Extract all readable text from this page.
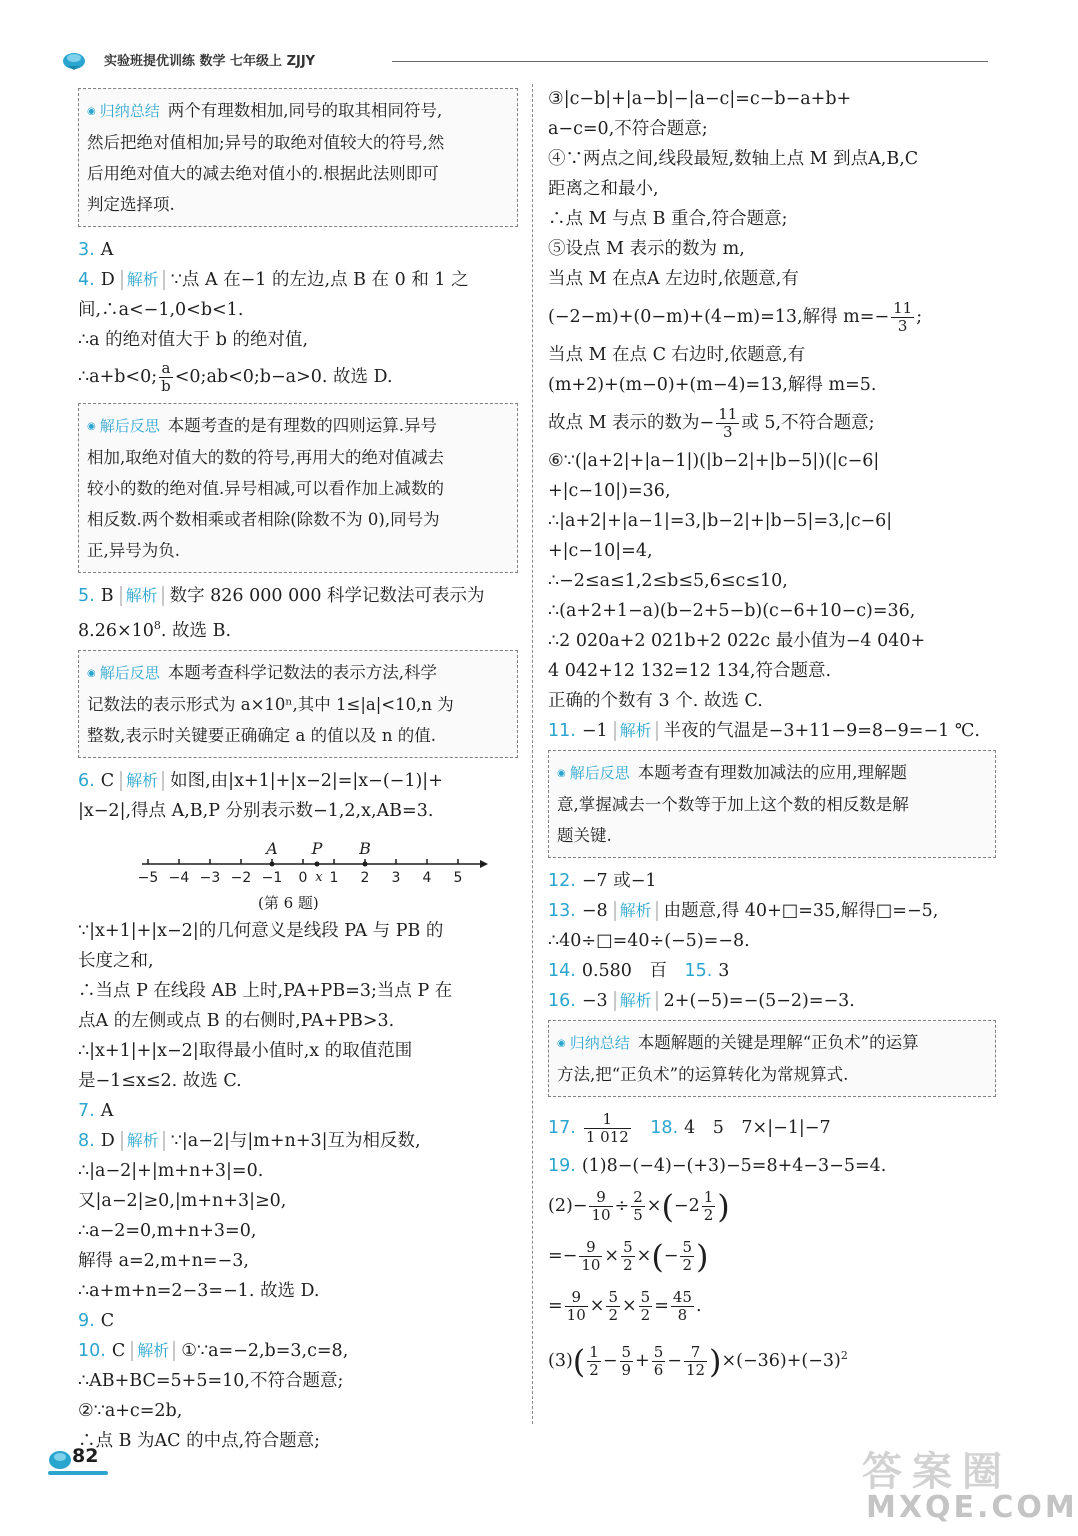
实验班提优训练 数学 七年级上 ZJJY
◉ 归纳总结 两个有理数相加,同号的取其相同符号,
然后把绝对值相加;异号的取绝对值较大的符号,然
后用绝对值大的减去绝对值小的.根据此法则即可
判定选择项.
3. A
4. D 解析 ∵点 A 在−1 的左边,点 B 在 0 和 1 之
间,∴a<−1,0<b<1.
∴a 的绝对值大于 b 的绝对值,
∴a+b<0; $\frac{a}{b}$ <0;ab<0;b−a>0. 故选 D.
◉ 解后反思 本题考查的是有理数的四则运算.异号
相加,取绝对值大的数的符号,再用大的绝对值减去
较小的数的绝对值.异号相减,可以看作加上减数的
相反数.两个数相乘或者相除(除数不为 0),同号为
正,异号为负.
5. B 解析 数字 826 000 000 科学记数法可表示为
$8.26\times 10^8$. 故选 B.
◉ 解后反思 本题考查科学记数法的表示方法,科学
记数法的表示形式为 a×10ⁿ,其中 1≤|a|<10,n 为
整数,表示时关键要正确确定 a 的值以及 n 的值.
6. C 解析 如图,由|x+1|+|x−2|=|x−(−1)|+
|x−2|,得点 A,B,P 分别表示数−1,2,x,AB=3.
−5 −4 −3 −2 −1 0 1 2 3 4 5
A P B
x
(第 6 题)
∵|x+1|+|x−2|的几何意义是线段 PA 与 PB 的
长度之和,
∴当点 P 在线段 AB 上时,PA+PB=3;当点 P 在
点A 的左侧或点 B 的右侧时,PA+PB>3.
∴|x+1|+|x−2|取得最小值时,x 的取值范围
是−1≤x≤2. 故选 C.
7. A
8. D 解析 ∵|a−2|与|m+n+3|互为相反数,
∴|a−2|+|m+n+3|=0.
又|a−2|≥0,|m+n+3|≥0,
∴a−2=0,m+n+3=0,
解得 a=2,m+n=−3,
∴a+m+n=2−3=−1. 故选 D.
9. C
10. C 解析 ①∵a=−2,b=3,c=8,
∴AB+BC=5+5=10,不符合题意;
②∵a+c=2b,
∴点 B 为AC 的中点,符合题意;
③|c−b|+|a−b|−|a−c|=c−b−a+b+
a−c=0,不符合题意;
④∵两点之间,线段最短,数轴上点 M 到点A,B,C
距离之和最小,
∴点 M 与点 B 重合,符合题意;
⑤设点 M 表示的数为 m,
当点 M 在点A 左边时,依题意,有
(−2−m)+(0−m)+(4−m)=13,解得 $m=- \frac{11}{3}$ ;
当点 M 在点 C 右边时,依题意,有
(m+2)+(m−0)+(m−4)=13,解得 m=5.
故点 M 表示的数为− $\frac{11}{3}$ 或 5,不符合题意;
⑥∵(|a+2|+|a−1|)(|b−2|+|b−5|)(|c−6|
+|c−10|)=36,
∴|a+2|+|a−1|=3,|b−2|+|b−5|=3,|c−6|
+|c−10|=4,
∴−2≤a≤1,2≤b≤5,6≤c≤10,
∴(a+2+1−a)(b−2+5−b)(c−6+10−c)=36,
∴2 020a+2 021b+2 022c 最小值为−4 040+
4 042+12 132=12 134,符合题意.
正确的个数有 3 个. 故选 C.
11. −1 解析 半夜的气温是−3+11−9=8−9=−1 ℃.
◉ 解后反思 本题考查有理数加减法的应用,理解题
意,掌握减去一个数等于加上这个数的相反数是解
题关键.
12. −7 或−1
13. −8 解析 由题意,得 40+□=35,解得□=−5,
∴40÷□=40÷(−5)=−8.
14. 0.580　百　 15. 3
16. −3 解析 2+(−5)=−(5−2)=−3.
◉ 归纳总结 本题解题的关键是理解“正负术”的运算
方法,把“正负术”的运算转化为常规算式.
17. $\frac{1}{1 012}$
　 18. 4　5　7×|−1|−7
19. (1)8−(−4)−(+3)−5=8+4−3−5=4.
$(2)- \frac{9}{10} \div \frac{2}{5} \times(-2 \frac{1}{2}$ )
=− $\frac{9}{10} \times \frac{5}{2}$ ×(− $\frac{5}{2}$ )
= $\frac{9}{10} \times \frac{5}{2} \times \frac{5}{2} = \frac{45}{8}$ .
$(3)( \frac{1}{2} - \frac{5}{9} + \frac{5}{6} - \frac{7}{12} )\times(-36)+(-3)^2$
82	答 案 圈
MXQE.COM
